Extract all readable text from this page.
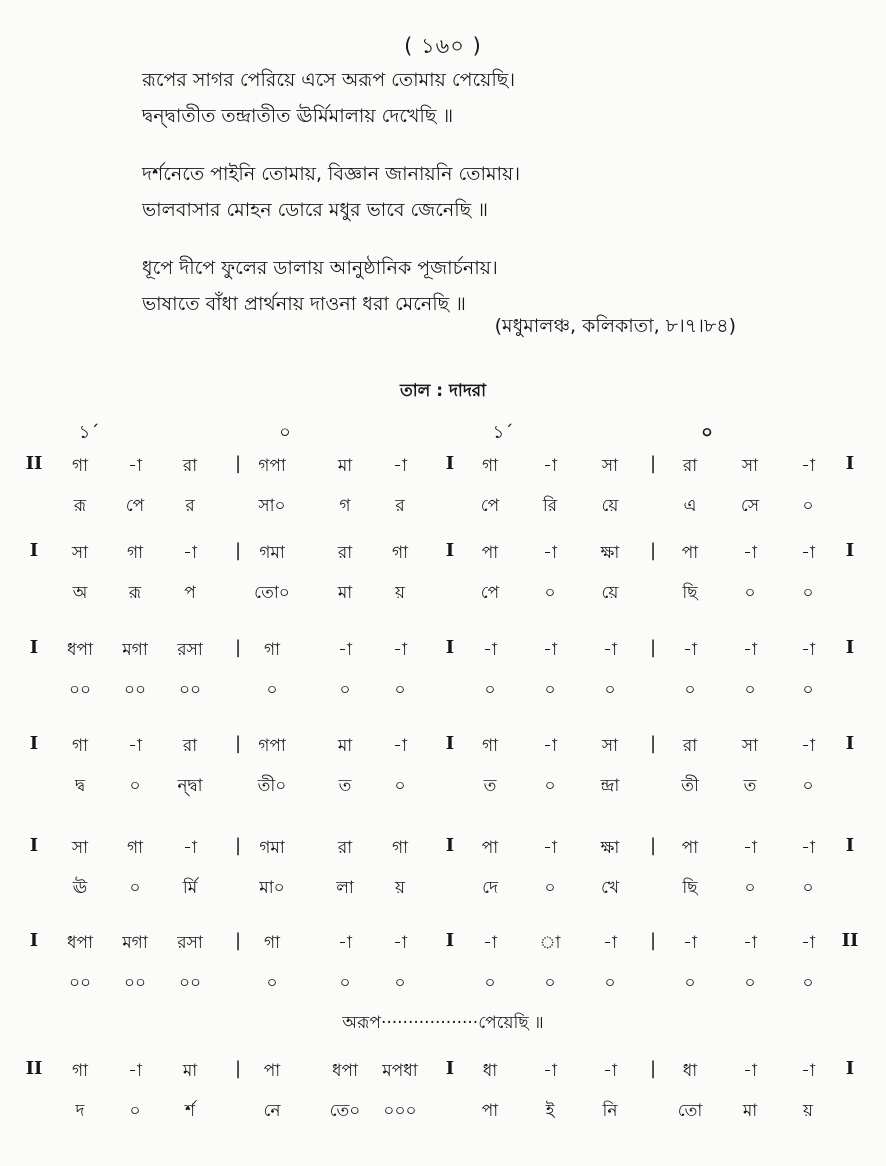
( ১৬০ )
রূপের সাগর পেরিয়ে এসে অরূপ তোমায় পেয়েছি।
দ্বন্দ্বাতীত তন্দ্রাতীত ঊর্মিমালায় দেখেছি ॥
দর্শনেতে পাইনি তোমায়, বিজ্ঞান জানায়নি তোমায়।
ভালবাসার মোহন ডোরে মধুর ভাবে জেনেছি ॥
ধূপে দীপে ফুলের ডালায় আনুষ্ঠানিক পূজার্চনায়।
ভাষাতে বাঁধা প্রার্থনায় দাওনা ধরা মেনেছি ॥
(মধুমালঞ্চ, কলিকাতা, ৮।৭।৮৪)
তাল : দাদরা
১´	০	১´	০
II	|	I	|	I
গা	-া	রা	গপা	মা	-া	গা	-া	সা	রা	সা	-া
রূ	পে	র	সা০	গ	র	পে	রি	য়ে	এ	সে	০
I	|	I	|	I
সা	গা	-া	গমা	রা	গা	পা	-া	ক্ষা	পা	-া	-া
অ	রূ	প	তো০	মা	য়	পে	০	য়ে	ছি	০	০
I	|	I	|	I
ধপা	মগা	রসা	গা	-া	-া	-া	-া	-া	-া	-া	-া
০০	০০	০০	০	০	০	০	০	০	০	০	০
I	|	I	|	I
গা	-া	রা	গপা	মা	-া	গা	-া	সা	রা	সা	-া
দ্ব	০	ন্দ্বা	তী০	ত	০	ত	০	ন্দ্রা	তী	ত	০
I	|	I	|	I
সা	গা	-া	গমা	রা	গা	পা	-া	ক্ষা	পা	-া	-া
ঊ	০	র্মি	মা০	লা	য়	দে	০	খে	ছি	০	০
I	|	I	|	II
ধপা	মগা	রসা	গা	-া	-া	-া	া	-া	-া	-া	-া
০০	০০	০০	০	০	০	০	০	০	০	০	০
II	|	I	|	I
গা	-া	মা	পা	ধপা	মপধা	ধা	-া	-া	ধা	-া	-া
দ	০	র্শ	নে	তে০	০০০	পা	ই	নি	তো	মা	য়
অরূপ··················পেয়েছি ॥
